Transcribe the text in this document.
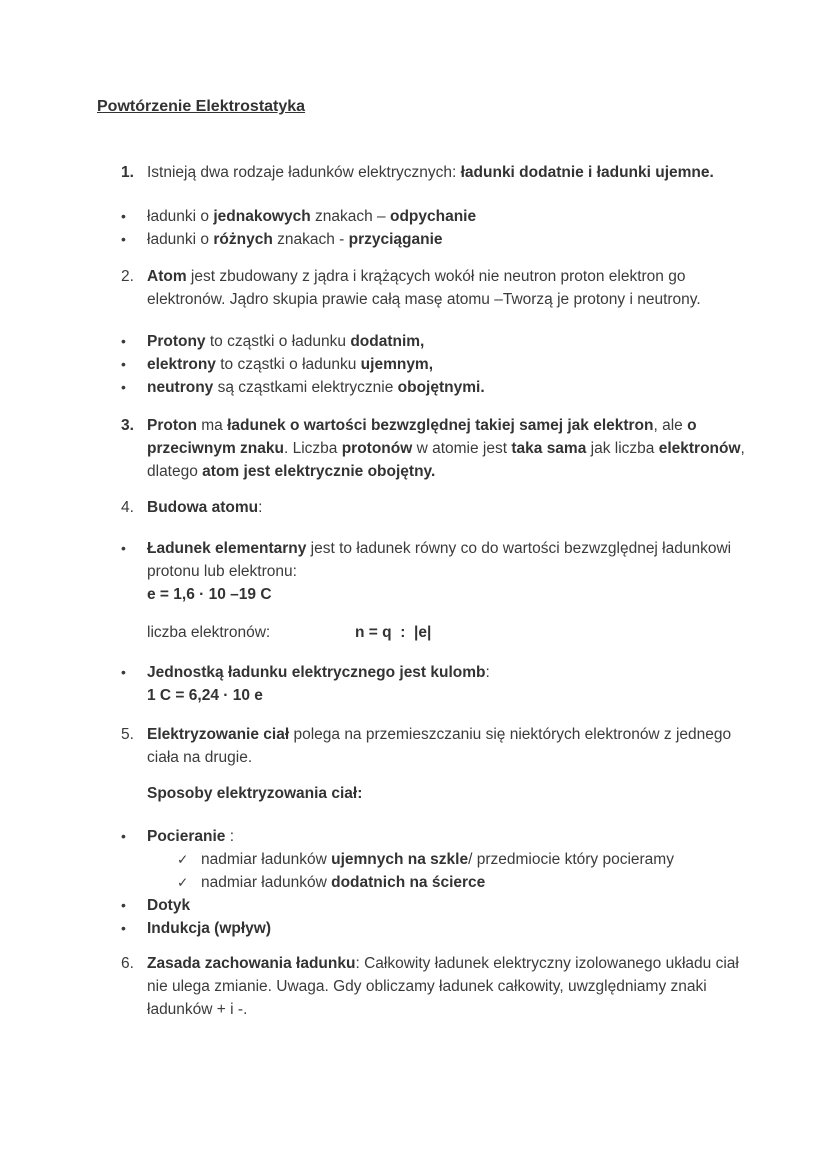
Powtórzenie Elektrostatyka
1. Istnieją dwa rodzaje ładunków elektrycznych: ładunki dodatnie i ładunki ujemne.
•	ładunki o jednakowych znakach – odpychanie
•	ładunki o różnych znakach - przyciąganie
2. Atom jest zbudowany z jądra i krążących wokół nie neutron proton elektron go
elektronów. Jądro skupia prawie całą masę atomu –Tworzą je protony i neutrony.
•	Protony to cząstki o ładunku dodatnim,
•	elektrony to cząstki o ładunku ujemnym,
•	neutrony są cząstkami elektrycznie obojętnymi.
3. Proton ma ładunek o wartości bezwzględnej takiej samej jak elektron, ale o
przeciwnym znaku. Liczba protonów w atomie jest taka sama jak liczba elektronów,
dlatego atom jest elektrycznie obojętny.
4. Budowa atomu:
•	Ładunek elementarny jest to ładunek równy co do wartości bezwzględnej ładunkowi
protonu lub elektronu:
e = 1,6 · 10 –19 C
liczba elektronów:	n = q  :  |e|
•	Jednostką ładunku elektrycznego jest kulomb:
1 C = 6,24 · 10 e
5. Elektryzowanie ciał polega na przemieszczaniu się niektórych elektronów z jednego
ciała na drugie.
Sposoby elektryzowania ciał:
•	Pocieranie :
✓ nadmiar ładunków ujemnych na szkle/ przedmiocie który pocieramy
✓ nadmiar ładunków dodatnich na ścierce
•	Dotyk
•	Indukcja (wpływ)
6. Zasada zachowania ładunku: Całkowity ładunek elektryczny izolowanego układu ciał
nie ulega zmianie. Uwaga. Gdy obliczamy ładunek całkowity, uwzględniamy znaki
ładunków + i -.
